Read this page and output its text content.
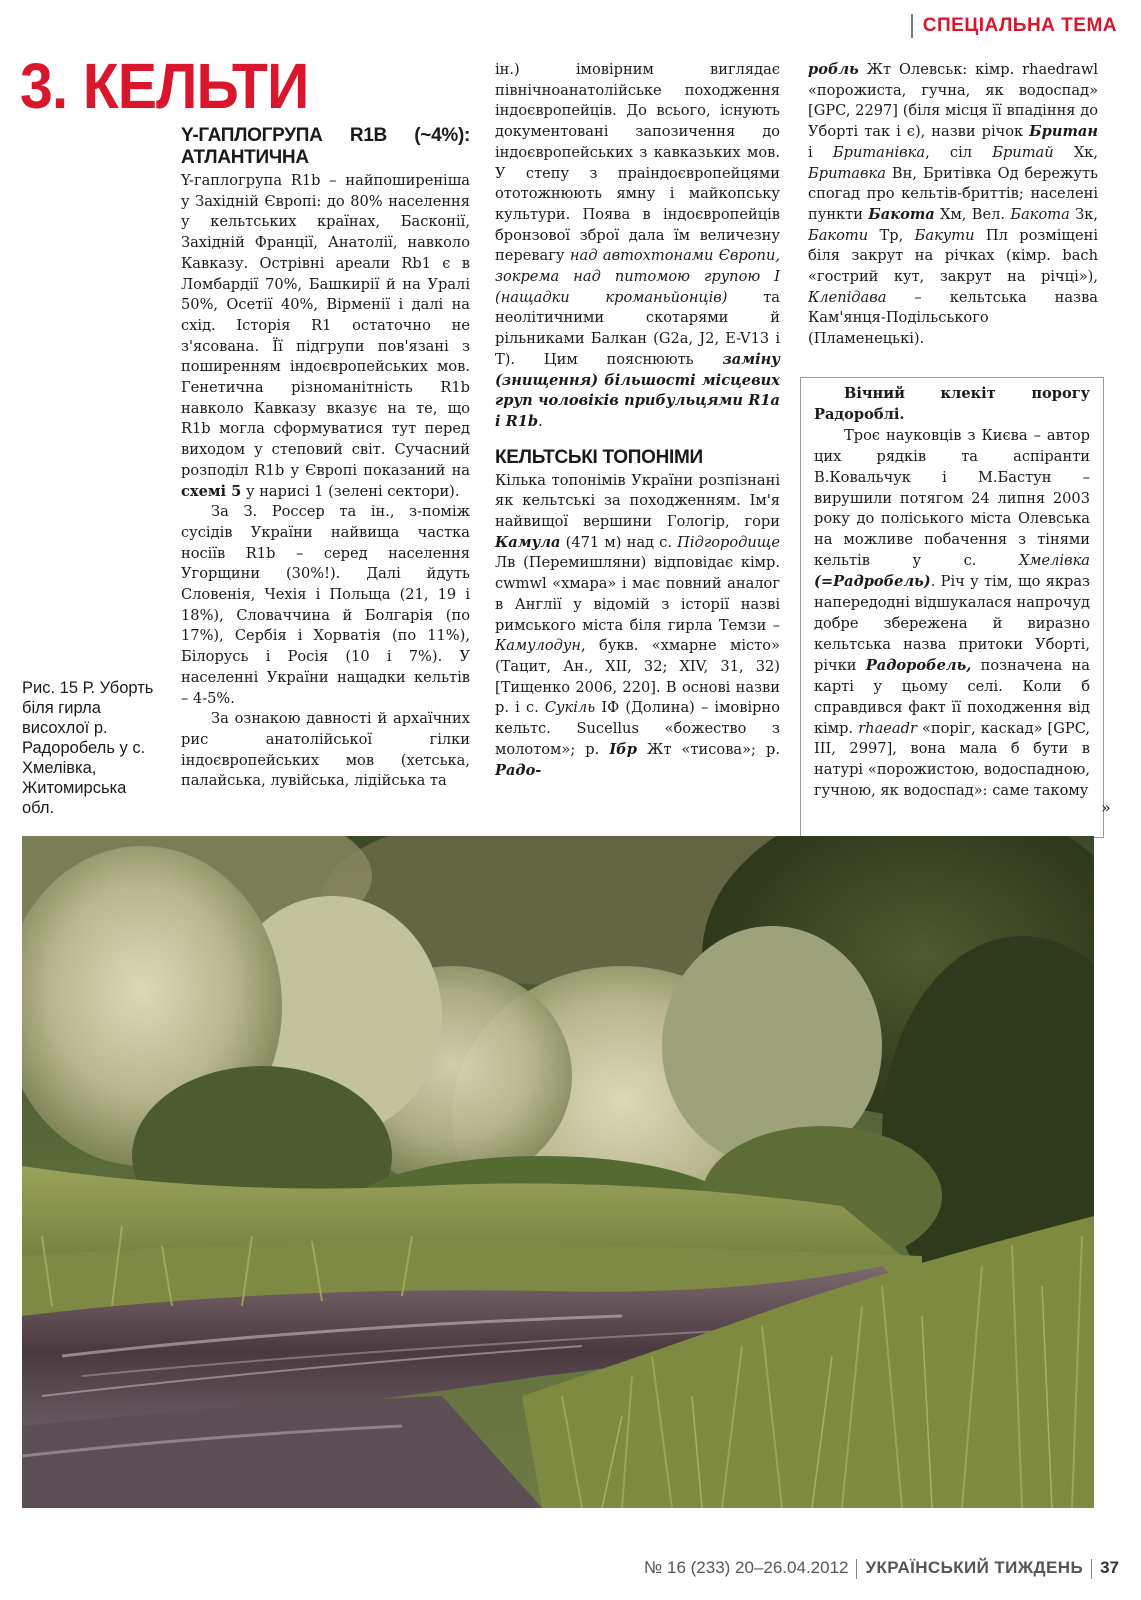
СПЕЦІАЛЬНА ТЕМА
3. КЕЛЬТИ
Y-ГАПЛОГРУПА R1B (~4%): АТЛАНТИЧНА

Y-гаплогрупа R1b – найпоширеніша у Західній Європі: до 80% населення у кельтських країнах, Басконії, Західній Франції, Анатолії, навколо Кавказу. Острівні ареали Rb1 є в Ломбардії 70%, Башкирії й на Уралі 50%, Осетії 40%, Вірменії і далі на схід. Історія R1 остаточно не з'ясована. Її підгрупи пов'язані з поширенням індоєвропейських мов. Генетична різноманітність R1b навколо Кавказу вказує на те, що R1b могла сформуватися тут перед виходом у степовий світ. Сучасний розподіл R1b у Європі показаний на схемі 5 у нарисі 1 (зелені сектори).

За З. Россер та ін., з-поміж сусідів України найвища частка носіїв R1b – серед населення Угорщини (30%!). Далі йдуть Словенія, Чехія і Польща (21, 19 і 18%), Словаччина й Болгарія (по 17%), Сербія і Хорватія (по 11%), Білорусь і Росія (10 і 7%). У населенні України нащадки кельтів – 4-5%.

За ознакою давності й архаїчних рис анатолійської гілки індоєвропейських мов (хетська, палайська, лувійська, лідійська та

ін.) імовірним виглядає північноанатолійське походження індоєвропейців. До всього, існують документовані запозичення до індоєвропейських з кавказьких мов. У степу з праіндоєвропейцями ототожнюють ямну і майкопську культури. Поява в індоєвропейців бронзової зброї дала їм величезну перевагу над автохтонами Європи, зокрема над питомою групою I (нащадки кроманьйонців) та неолітичними скотарями й рільниками Балкан (G2a, J2, E-V13 і T). Цим пояснюють заміну (знищення) більшості місцевих груп чоловіків прибульцями R1a і R1b.

КЕЛЬТСЬКІ ТОПОНІМИ

Кілька топонімів України розпізнані як кельтські за походженням. Ім'я найвищої вершини Гологір, гори Камула (471 м) над с. Підгородище Лв (Перемишляни) відповідає кімр. cwmwl «хмара» і має повний аналог в Англії у відомій з історії назві римського міста біля гирла Темзи – Камулодун, букв. «хмарне місто» (Тацит, Ан., XII, 32; XIV, 31, 32) [Тищенко 2006, 220]. В основі назви р. і с. Сукіль ІФ (Долина) – імовірно кельтс. Sucellus «божество з молотом»; р. Ібр Жт «тисова»; р. Радо-

робль Жт Олевськ: кімр. rhaedrawl «порожиста, гучна, як водоспад» [GPC, 2297] (біля місця її впадіння до Уборті так і є), назви річок Британ і Британівка, сіл Бритай Хк, Бритавка Вн, Бритівка Од бережуть спогад про кельтів-бриттів; населені пункти Бакота Хм, Вел. Бакота Зк, Бакоти Тр, Бакути Пл розміщені біля закрут на річках (кімр. bach «гострий кут, закрут на річці»), Клепідава – кельтська назва Кам'янця-Подільського (Пламенецькі).

Вічний клекіт порогу Радороблі.

Троє науковців з Києва – автор цих рядків та аспіранти В.Ковальчук і М.Бастун – вирушили потягом 24 липня 2003 року до поліського міста Олевська на можливе побачення з тінями кельтів у с. Хмелівка (=Радробель). Річ у тім, що якраз напередодні відшукалася напрочуд добре збережена й виразно кельтська назва притоки Уборті, річки Радоробель, позначена на карті у цьому селі. Коли б справдився факт її походження від кімр. rhaeadr «поріг, каскад» [GPC, III, 2997], вона мала б бути в натурі «порожистою, водоспадною, гучною, як водоспад»: саме такому

»
Рис. 15 Р. Уборть біля гирла висохлої р. Радоробель у с. Хмелівка, Житомирська обл.
№ 16 (233) 20–26.04.2012 УКРАЇНСЬКИЙ ТИЖДЕНЬ 37
